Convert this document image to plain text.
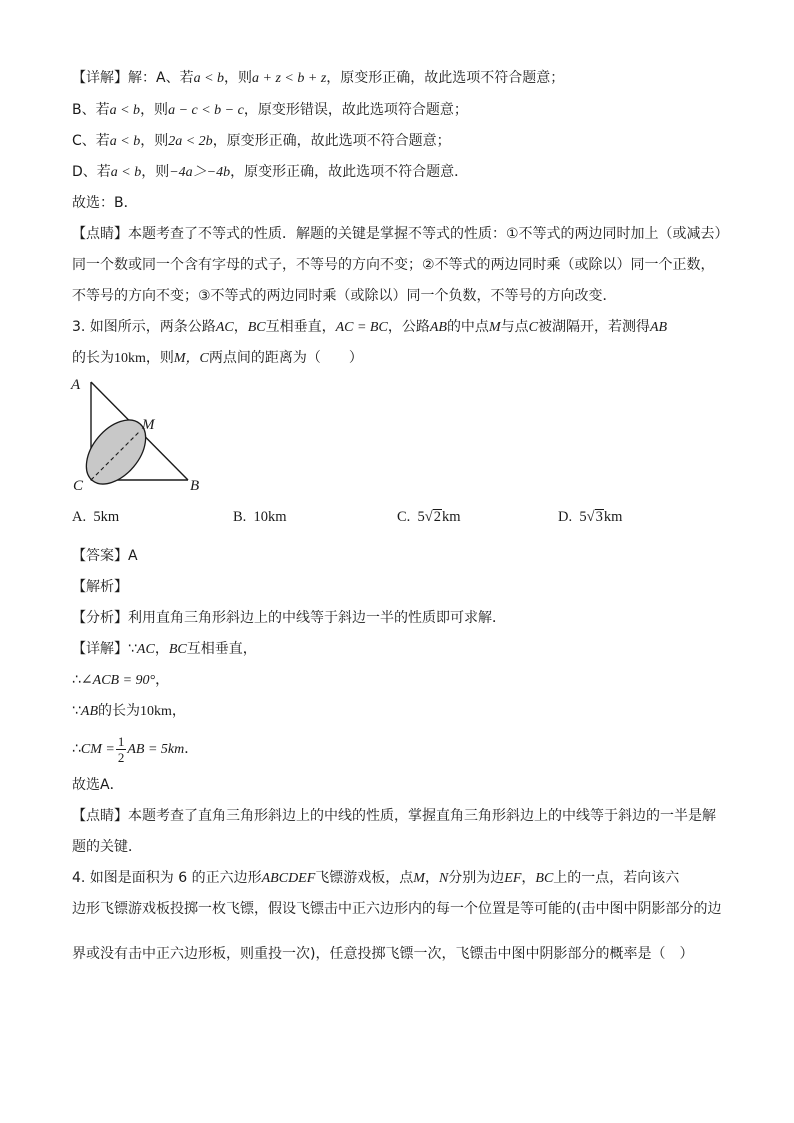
【详解】解：A、若a < b，则a + z < b + z，原变形正确，故此选项不符合题意；
B、若a < b，则a − c < b − c，原变形错误，故此选项符合题意；
C、若a < b，则2a < 2b，原变形正确，故此选项不符合题意；
D、若a < b，则−4a＞−4b，原变形正确，故此选项不符合题意．
故选：B．
【点睛】本题考查了不等式的性质．解题的关键是掌握不等式的性质：①不等式的两边同时加上（或减去）
同一个数或同一个含有字母的式子，不等号的方向不变；②不等式的两边同时乘（或除以）同一个正数，
不等号的方向不变；③不等式的两边同时乘（或除以）同一个负数，不等号的方向改变．
3. 如图所示，两条公路AC，BC互相垂直，AC = BC，公路AB的中点M与点C被湖隔开，若测得AB
的长为10km，则M，C两点间的距离为（　　）
A
M
C	B
A. 5km	B. 10km	C. 5√2km	D. 5√3km
【答案】A
【解析】
【分析】利用直角三角形斜边上的中线等于斜边一半的性质即可求解．
【详解】∵AC，BC互相垂直，
∴∠ACB = 90°，
∵AB的长为10km，
∴CM = $\frac{1}{2}$ AB = 5km．
故选A．
【点睛】本题考查了直角三角形斜边上的中线的性质，掌握直角三角形斜边上的中线等于斜边的一半是解
题的关键．
4. 如图是面积为 6 的正六边形ABCDEF飞镖游戏板，点M，N分别为边EF，BC上的一点，若向该六
边形飞镖游戏板投掷一枚飞镖，假设飞镖击中正六边形内的每一个位置是等可能的(击中图中阴影部分的边
界或没有击中正六边形板，则重投一次)，任意投掷飞镖一次，飞镖击中图中阴影部分的概率是（　）
